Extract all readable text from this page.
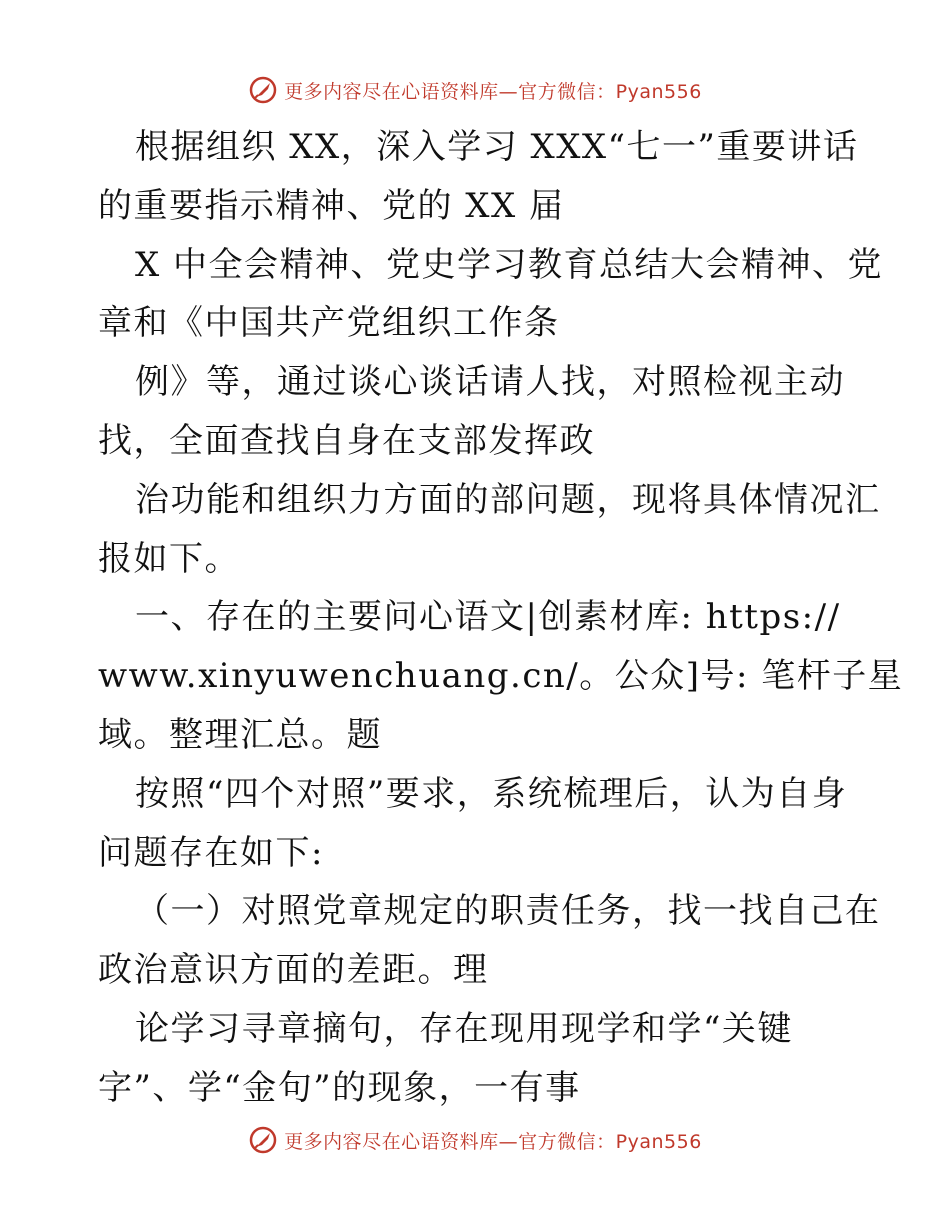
更多内容尽在心语资料库—官方微信：Pyan556
根据组织 XX，深入学习 XXX“七一”重要讲话
的重要指示精神、党的 XX 届
X 中全会精神、党史学习教育总结大会精神、党
章和《中国共产党组织工作条
例》等，通过谈心谈话请人找，对照检视主动
找，全面查找自身在支部发挥政
治功能和组织力方面的部问题，现将具体情况汇
报如下。
一、存在的主要问心语文|创素材库: https://
www.xinyuwenchuang.cn/。公众]号: 笔杆子星
域。整理汇总。题
按照“四个对照”要求，系统梳理后，认为自身
问题存在如下:
（一）对照党章规定的职责任务，找一找自己在
政治意识方面的差距。理
论学习寻章摘句，存在现用现学和学“关键
字”、学“金句”的现象，一有事
更多内容尽在心语资料库—官方微信：Pyan556
